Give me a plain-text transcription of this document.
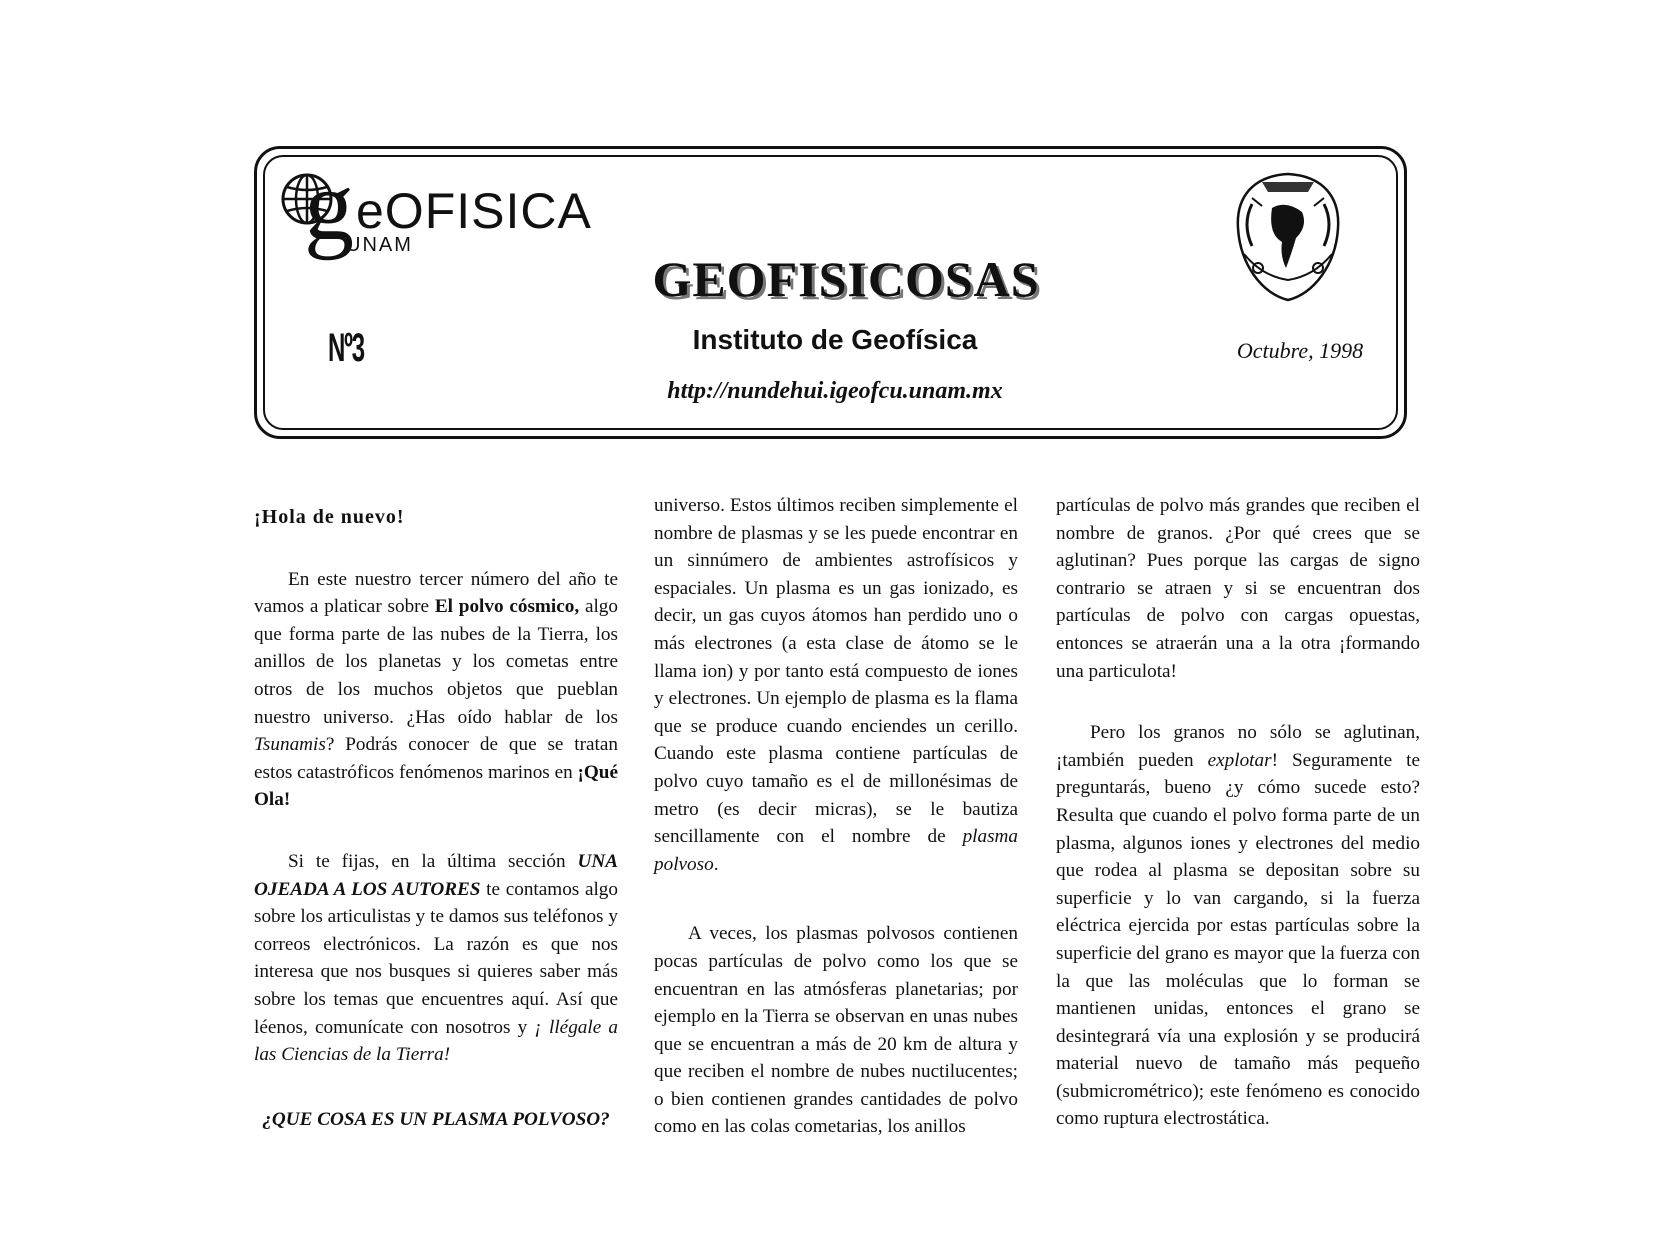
g eOFISICA
UNAM
Nº3
GEOFISICOSAS
Instituto de Geofísica
http://nundehui.igeofcu.unam.mx
Octubre, 1998

¡Hola de nuevo!

En este nuestro tercer número del año te vamos a platicar sobre El polvo cósmico, algo que forma parte de las nubes de la Tierra, los anillos de los planetas y los cometas entre otros de los muchos objetos que pueblan nuestro universo. ¿Has oído hablar de los Tsunamis? Podrás conocer de que se tratan estos catastróficos fenómenos marinos en ¡Qué Ola!

Si te fijas, en la última sección UNA OJEADA A LOS AUTORES te contamos algo sobre los articulistas y te damos sus teléfonos y correos electrónicos. La razón es que nos interesa que nos busques si quieres saber más sobre los temas que encuentres aquí. Así que léenos, comunícate con nosotros y ¡ llégale a las Ciencias de la Tierra!

¿QUE COSA ES UN PLASMA POLVOSO?

universo. Estos últimos reciben simplemente el nombre de plasmas y se les puede encontrar en un sinnúmero de ambientes astrofísicos y espaciales. Un plasma es un gas ionizado, es decir, un gas cuyos átomos han perdido uno o más electrones (a esta clase de átomo se le llama ion) y por tanto está compuesto de iones y electrones. Un ejemplo de plasma es la flama que se produce cuando enciendes un cerillo. Cuando este plasma contiene partículas de polvo cuyo tamaño es el de millonésimas de metro (es decir micras), se le bautiza sencillamente con el nombre de plasma polvoso.

A veces, los plasmas polvosos contienen pocas partículas de polvo como los que se encuentran en las atmósferas planetarias; por ejemplo en la Tierra se observan en unas nubes que se encuentran a más de 20 km de altura y que reciben el nombre de nubes nuctilucentes; o bien contienen grandes cantidades de polvo como en las colas cometarias, los anillos

partículas de polvo más grandes que reciben el nombre de granos. ¿Por qué crees que se aglutinan? Pues porque las cargas de signo contrario se atraen y si se encuentran dos partículas de polvo con cargas opuestas, entonces se atraerán una a la otra ¡formando una particulota!

Pero los granos no sólo se aglutinan, ¡también pueden explotar! Seguramente te preguntarás, bueno ¿y cómo sucede esto? Resulta que cuando el polvo forma parte de un plasma, algunos iones y electrones del medio que rodea al plasma se depositan sobre su superficie y lo van cargando, si la fuerza eléctrica ejercida por estas partículas sobre la superficie del grano es mayor que la fuerza con la que las moléculas que lo forman se mantienen unidas, entonces el grano se desintegrará vía una explosión y se producirá material nuevo de tamaño más pequeño (submicrométrico); este fenómeno es conocido como ruptura electrostática.
